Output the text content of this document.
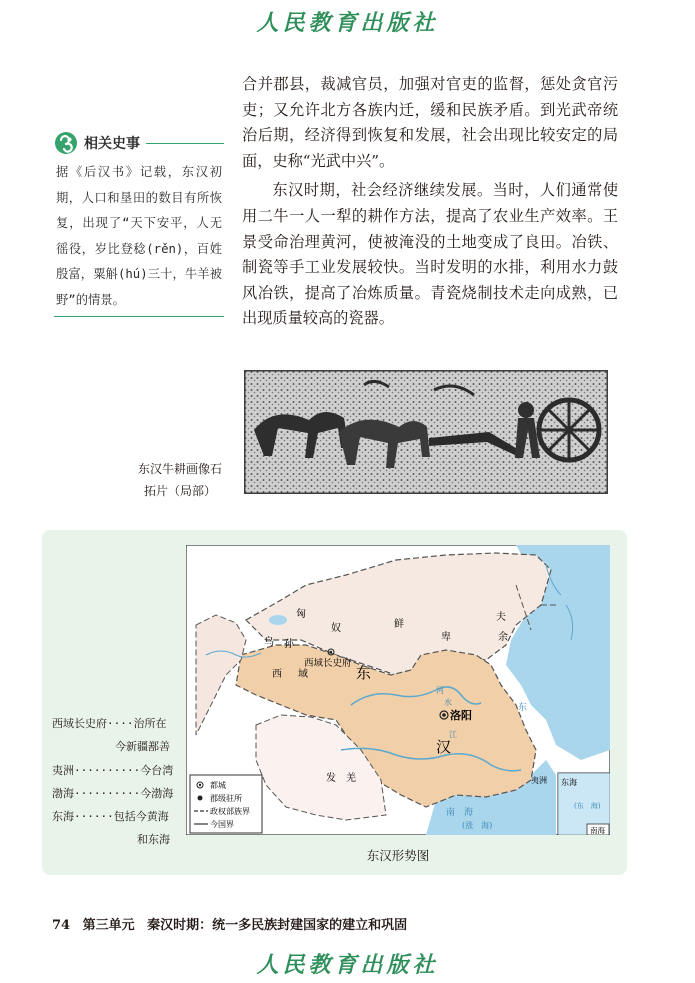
人民教育出版社

合并郡县，裁减官员，加强对官吏的监督，惩处贪官污吏；又允许北方各族内迁，缓和民族矛盾。到光武帝统治后期，经济得到恢复和发展，社会出现比较安定的局面，史称“光武中兴”。

东汉时期，社会经济继续发展。当时，人们通常使用二牛一人一犁的耕作方法，提高了农业生产效率。王景受命治理黄河，使被淹没的土地变成了良田。冶铁、制瓷等手工业发展较快。当时发明的水排，利用水力鼓风冶铁，提高了冶炼质量。青瓷烧制技术走向成熟，已出现质量较高的瓷器。

相关史事
据《后汉书》记载，东汉初期，人口和垦田的数目有所恢复，出现了“天下安平，人无徭役，岁比登稔(rěn)，百姓殷富，粟斛(hú)三十，牛羊被野”的情景。
东汉牛耕画像石
拓片（局部）
匈
奴	鲜
卑
夫
余
乌 孙
西域长史府
西 域	东
汉
洛阳
发　羌
河
水
江
东
南　海
(涨　海)
夷洲 东海
(东　海)
南海
都城
郡级驻所
政权部族界
今国界
东汉形势图
西域长史府····治所在
今新疆鄯善
夷洲··········今台湾
渤海··········今渤海
东海······包括今黄海
和东海
74 第三单元 秦汉时期：统一多民族封建国家的建立和巩固
人民教育出版社
